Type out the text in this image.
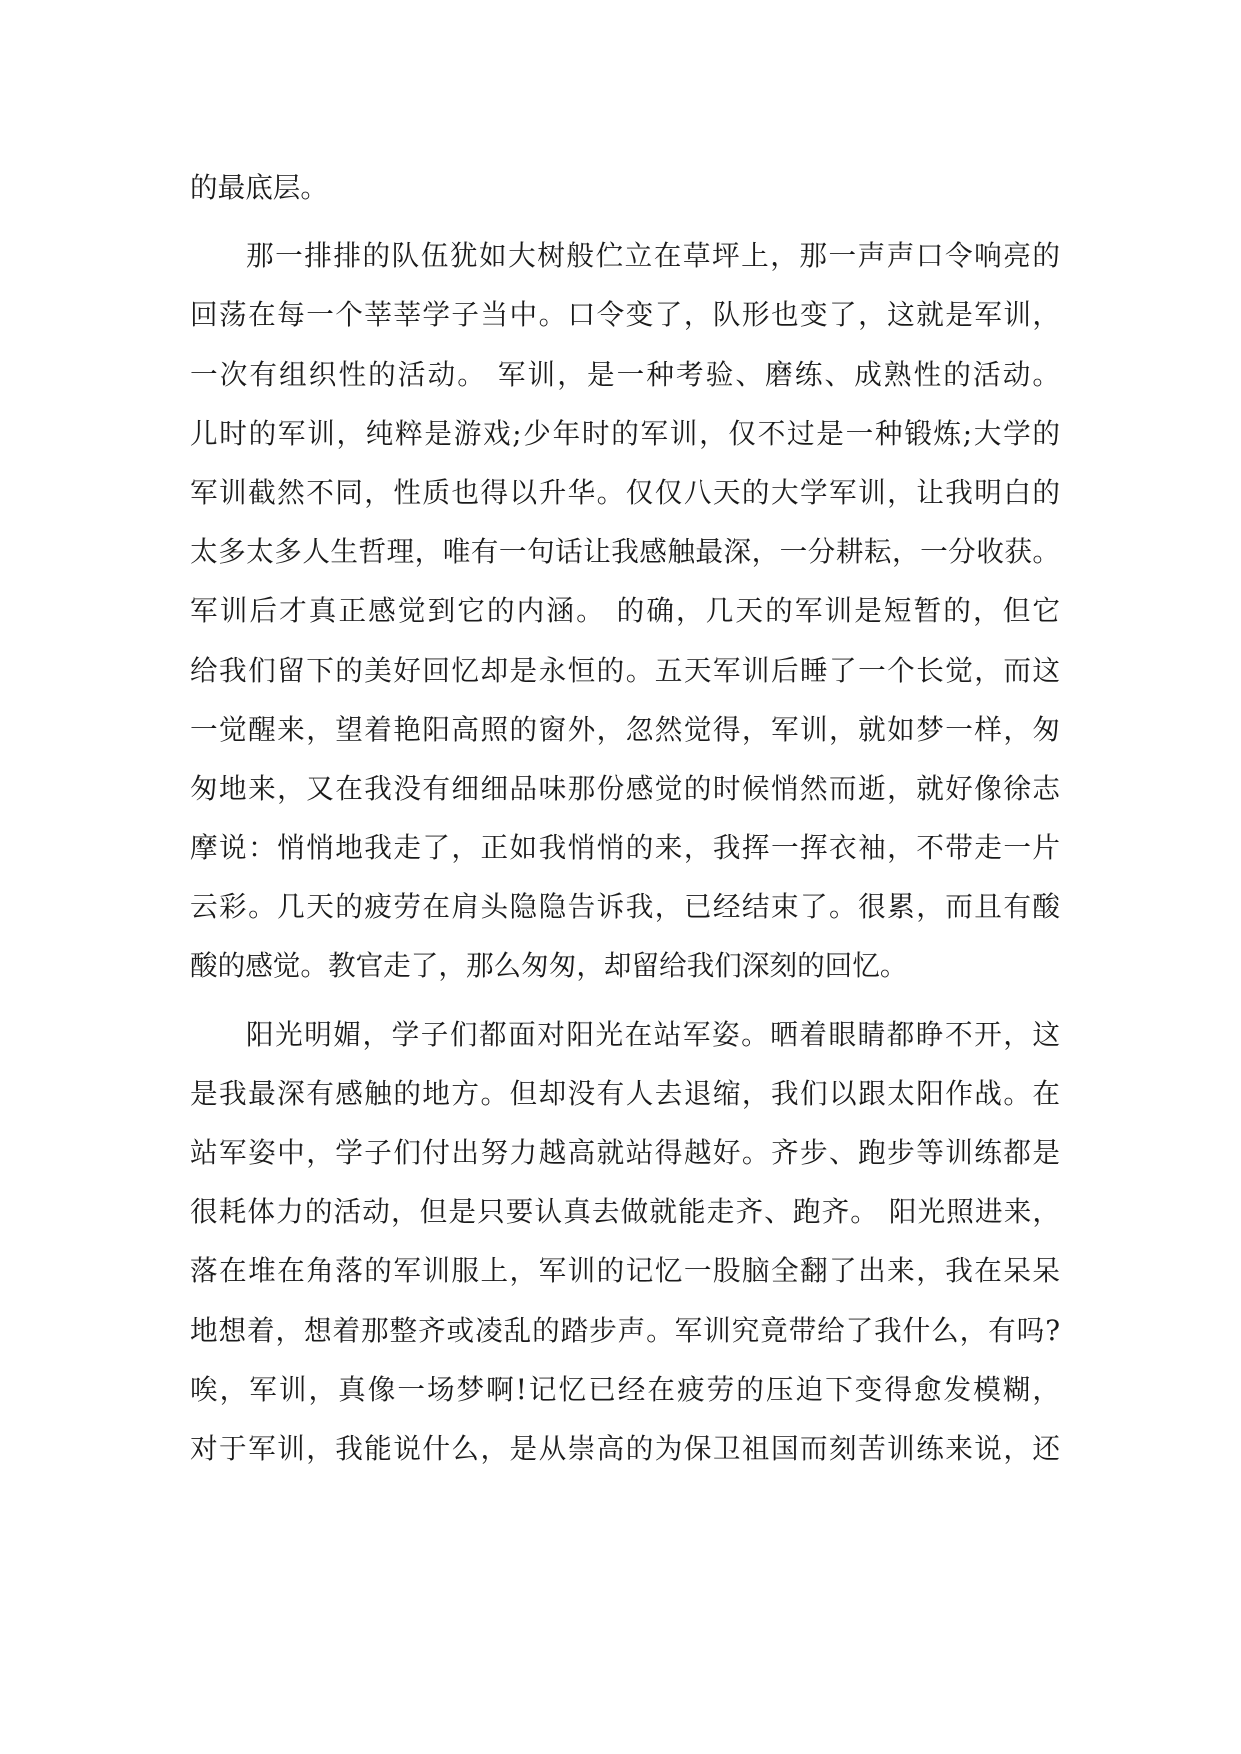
的最底层。
那一排排的队伍犹如大树般伫立在草坪上，那一声声口令响亮的
回荡在每一个莘莘学子当中。口令变了，队形也变了，这就是军训，
一次有组织性的活动。 军训，是一种考验、磨练、成熟性的活动。
儿时的军训，纯粹是游戏;少年时的军训，仅不过是一种锻炼;大学的
军训截然不同，性质也得以升华。仅仅八天的大学军训，让我明白的
太多太多人生哲理，唯有一句话让我感触最深，一分耕耘，一分收获。
军训后才真正感觉到它的内涵。 的确，几天的军训是短暂的，但它
给我们留下的美好回忆却是永恒的。五天军训后睡了一个长觉，而这
一觉醒来，望着艳阳高照的窗外，忽然觉得，军训，就如梦一样，匆
匆地来，又在我没有细细品味那份感觉的时候悄然而逝，就好像徐志
摩说：悄悄地我走了，正如我悄悄的来，我挥一挥衣袖，不带走一片
云彩。几天的疲劳在肩头隐隐告诉我，已经结束了。很累，而且有酸
酸的感觉。教官走了，那么匆匆，却留给我们深刻的回忆。
阳光明媚，学子们都面对阳光在站军姿。晒着眼睛都睁不开，这
是我最深有感触的地方。但却没有人去退缩，我们以跟太阳作战。在
站军姿中，学子们付出努力越高就站得越好。齐步、跑步等训练都是
很耗体力的活动，但是只要认真去做就能走齐、跑齐。 阳光照进来，
落在堆在角落的军训服上，军训的记忆一股脑全翻了出来，我在呆呆
地想着，想着那整齐或凌乱的踏步声。军训究竟带给了我什么，有吗?
唉，军训，真像一场梦啊!记忆已经在疲劳的压迫下变得愈发模糊，
对于军训，我能说什么，是从崇高的为保卫祖国而刻苦训练来说，还
